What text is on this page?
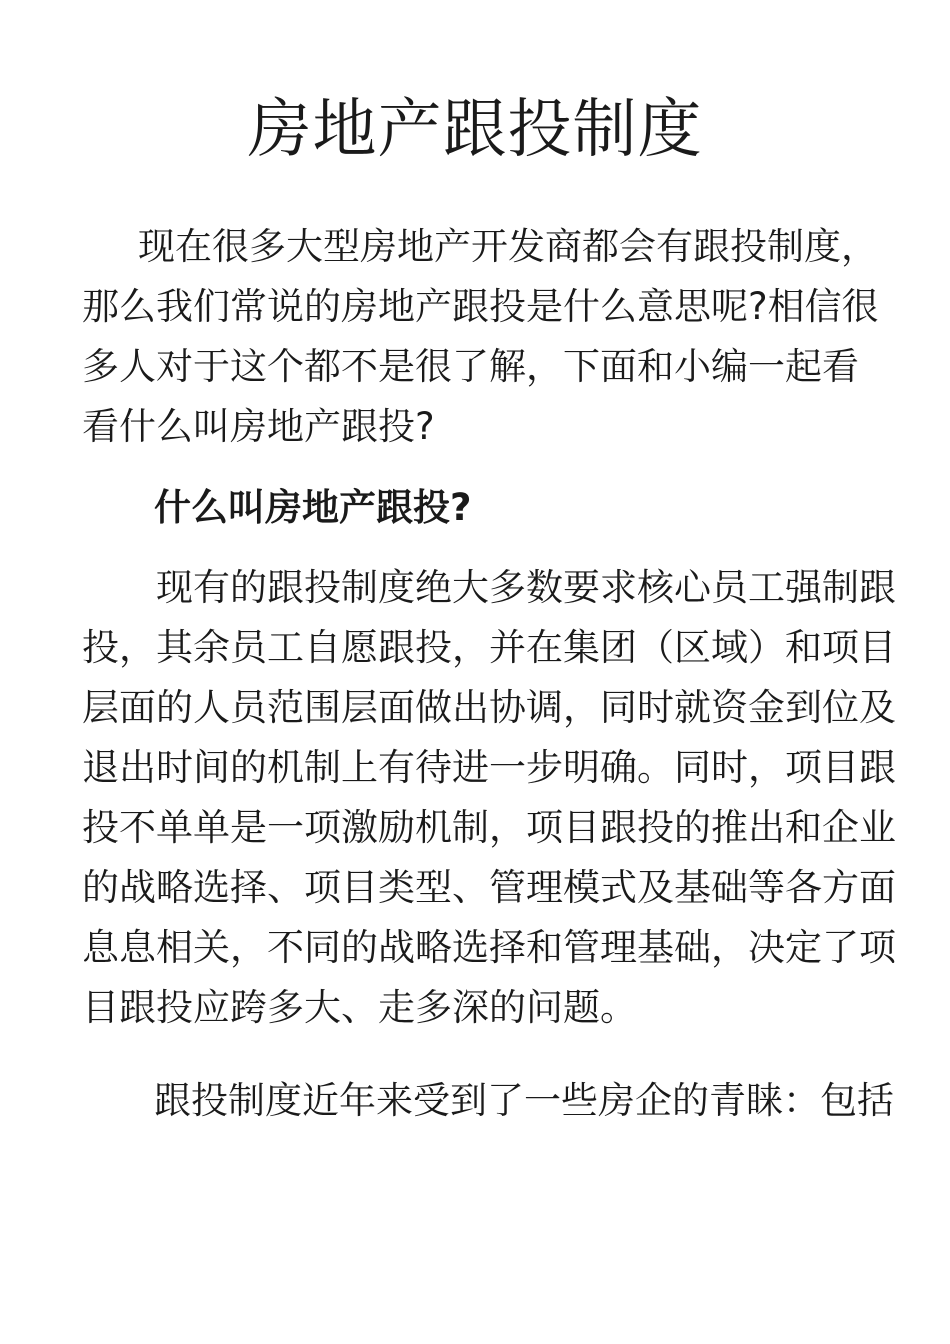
房地产跟投制度

现在很多大型房地产开发商都会有跟投制度，那么我们常说的房地产跟投是什么意思呢?相信很多人对于这个都不是很了解，下面和小编一起看看什么叫房地产跟投?

什么叫房地产跟投?

现有的跟投制度绝大多数要求核心员工强制跟投，其余员工自愿跟投，并在集团（区域）和项目层面的人员范围层面做出协调，同时就资金到位及退出时间的机制上有待进一步明确。同时，项目跟投不单单是一项激励机制，项目跟投的推出和企业的战略选择、项目类型、管理模式及基础等各方面息息相关，不同的战略选择和管理基础，决定了项目跟投应跨多大、走多深的问题。

跟投制度近年来受到了一些房企的青睐：包括
